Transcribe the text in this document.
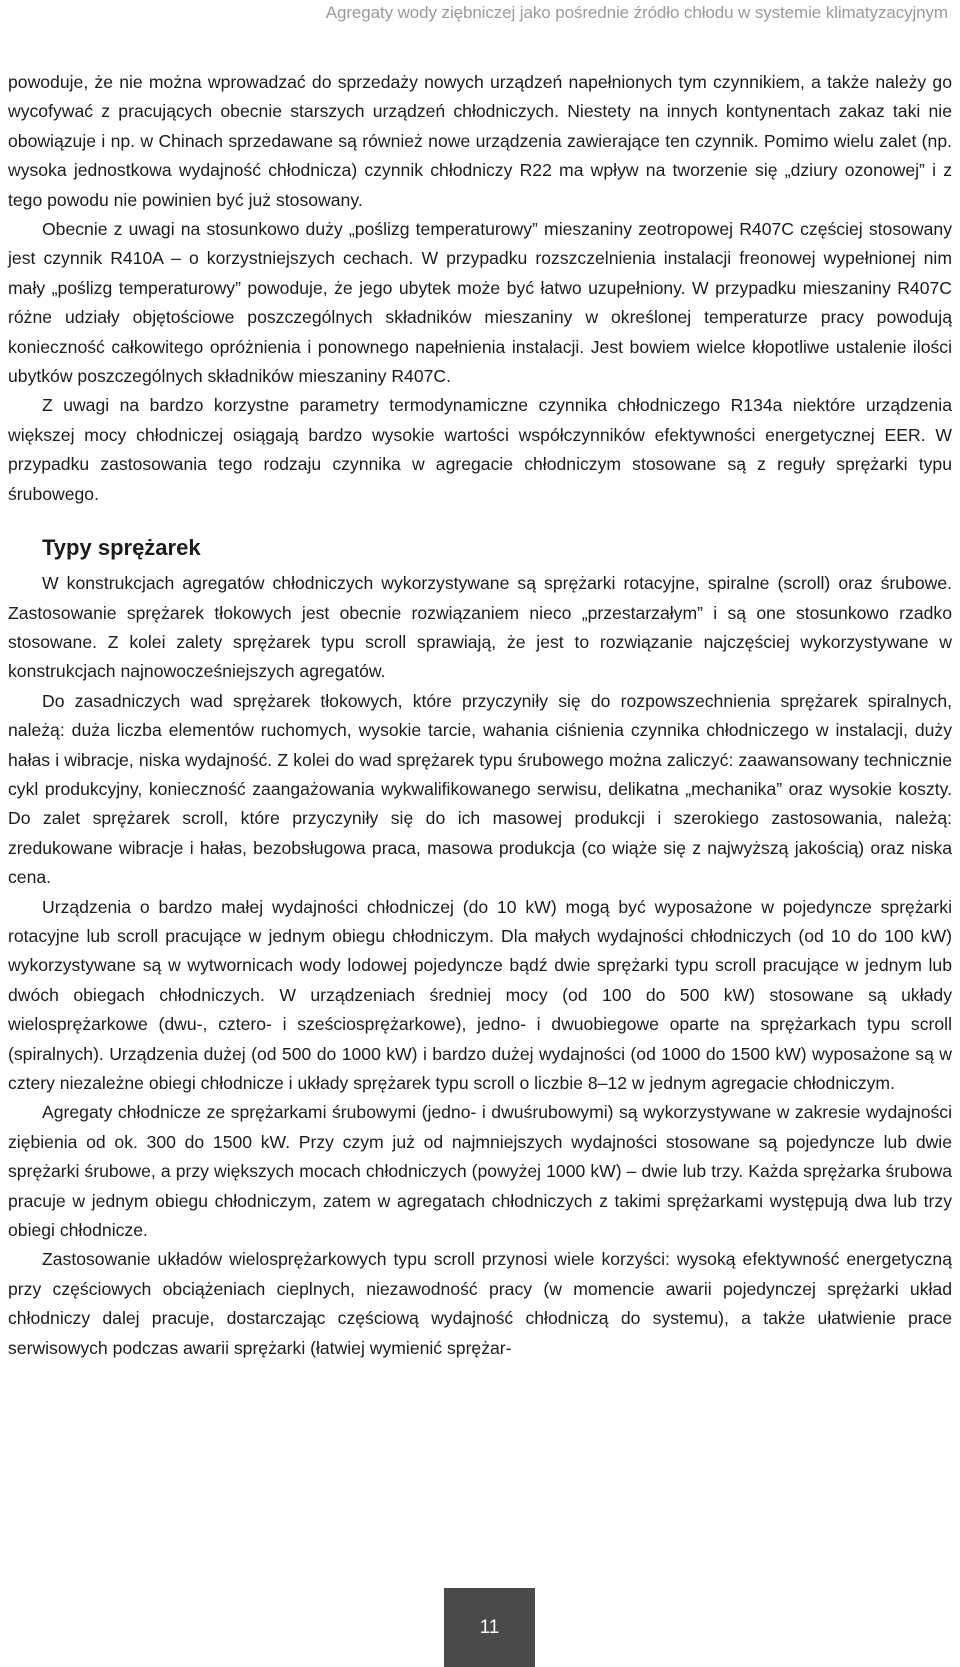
Agregaty wody ziębniczej jako pośrednie źródło chłodu w systemie klimatyzacyjnym

powoduje, że nie można wprowadzać do sprzedaży nowych urządzeń napełnionych tym czynnikiem, a także należy go wycofywać z pracujących obecnie starszych urządzeń chłodniczych. Niestety na innych kontynentach zakaz taki nie obowiązuje i np. w Chinach sprzedawane są również nowe urządzenia zawierające ten czynnik. Pomimo wielu zalet (np. wysoka jednostkowa wydajność chłodnicza) czynnik chłodniczy R22 ma wpływ na tworzenie się „dziury ozonowej” i z tego powodu nie powinien być już stosowany.

Obecnie z uwagi na stosunkowo duży „poślizg temperaturowy” mieszaniny zeotropowej R407C częściej stosowany jest czynnik R410A – o korzystniejszych cechach. W przypadku rozszczelnienia instalacji freonowej wypełnionej nim mały „poślizg temperaturowy” powoduje, że jego ubytek może być łatwo uzupełniony. W przypadku mieszaniny R407C różne udziały objętościowe poszczególnych składników mieszaniny w określonej temperaturze pracy powodują konieczność całkowitego opróżnienia i ponownego napełnienia instalacji. Jest bowiem wielce kłopotliwe ustalenie ilości ubytków poszczególnych składników mieszaniny R407C.

Z uwagi na bardzo korzystne parametry termodynamiczne czynnika chłodniczego R134a niektóre urządzenia większej mocy chłodniczej osiągają bardzo wysokie wartości współczynników efektywności energetycznej EER. W przypadku zastosowania tego rodzaju czynnika w agregacie chłodniczym stosowane są z reguły sprężarki typu śrubowego.

Typy sprężarek

W konstrukcjach agregatów chłodniczych wykorzystywane są sprężarki rotacyjne, spiralne (scroll) oraz śrubowe. Zastosowanie sprężarek tłokowych jest obecnie rozwiązaniem nieco „przestarzałym” i są one stosunkowo rzadko stosowane. Z kolei zalety sprężarek typu scroll sprawiają, że jest to rozwiązanie najczęściej wykorzystywane w konstrukcjach najnowocześniejszych agregatów.

Do zasadniczych wad sprężarek tłokowych, które przyczyniły się do rozpowszechnienia sprężarek spiralnych, należą: duża liczba elementów ruchomych, wysokie tarcie, wahania ciśnienia czynnika chłodniczego w instalacji, duży hałas i wibracje, niska wydajność. Z kolei do wad sprężarek typu śrubowego można zaliczyć: zaawansowany technicznie cykl produkcyjny, konieczność zaangażowania wykwalifikowanego serwisu, delikatna „mechanika” oraz wysokie koszty. Do zalet sprężarek scroll, które przyczyniły się do ich masowej produkcji i szerokiego zastosowania, należą: zredukowane wibracje i hałas, bezobsługowa praca, masowa produkcja (co wiąże się z najwyższą jakością) oraz niska cena.

Urządzenia o bardzo małej wydajności chłodniczej (do 10 kW) mogą być wyposażone w pojedyncze sprężarki rotacyjne lub scroll pracujące w jednym obiegu chłodniczym. Dla małych wydajności chłodniczych (od 10 do 100 kW) wykorzystywane są w wytwornicach wody lodowej pojedyncze bądź dwie sprężarki typu scroll pracujące w jednym lub dwóch obiegach chłodniczych. W urządzeniach średniej mocy (od 100 do 500 kW) stosowane są układy wielosprężarkowe (dwu-, cztero- i sześciosprężarkowe), jedno- i dwuobiegowe oparte na sprężarkach typu scroll (spiralnych). Urządzenia dużej (od 500 do 1000 kW) i bardzo dużej wydajności (od 1000 do 1500 kW) wyposażone są w cztery niezależne obiegi chłodnicze i układy sprężarek typu scroll o liczbie 8–12 w jednym agregacie chłodniczym.

Agregaty chłodnicze ze sprężarkami śrubowymi (jedno- i dwuśrubowymi) są wykorzystywane w zakresie wydajności ziębienia od ok. 300 do 1500 kW. Przy czym już od najmniejszych wydajności stosowane są pojedyncze lub dwie sprężarki śrubowe, a przy większych mocach chłodniczych (powyżej 1000 kW) – dwie lub trzy. Każda sprężarka śrubowa pracuje w jednym obiegu chłodniczym, zatem w agregatach chłodniczych z takimi sprężarkami występują dwa lub trzy obiegi chłodnicze.

Zastosowanie układów wielosprężarkowych typu scroll przynosi wiele korzyści: wysoką efektywność energetyczną przy częściowych obciążeniach cieplnych, niezawodność pracy (w momencie awarii pojedynczej sprężarki układ chłodniczy dalej pracuje, dostarczając częściową wydajność chłodniczą do systemu), a także ułatwienie prace serwisowych podczas awarii sprężarki (łatwiej wymienić sprężar-

11
